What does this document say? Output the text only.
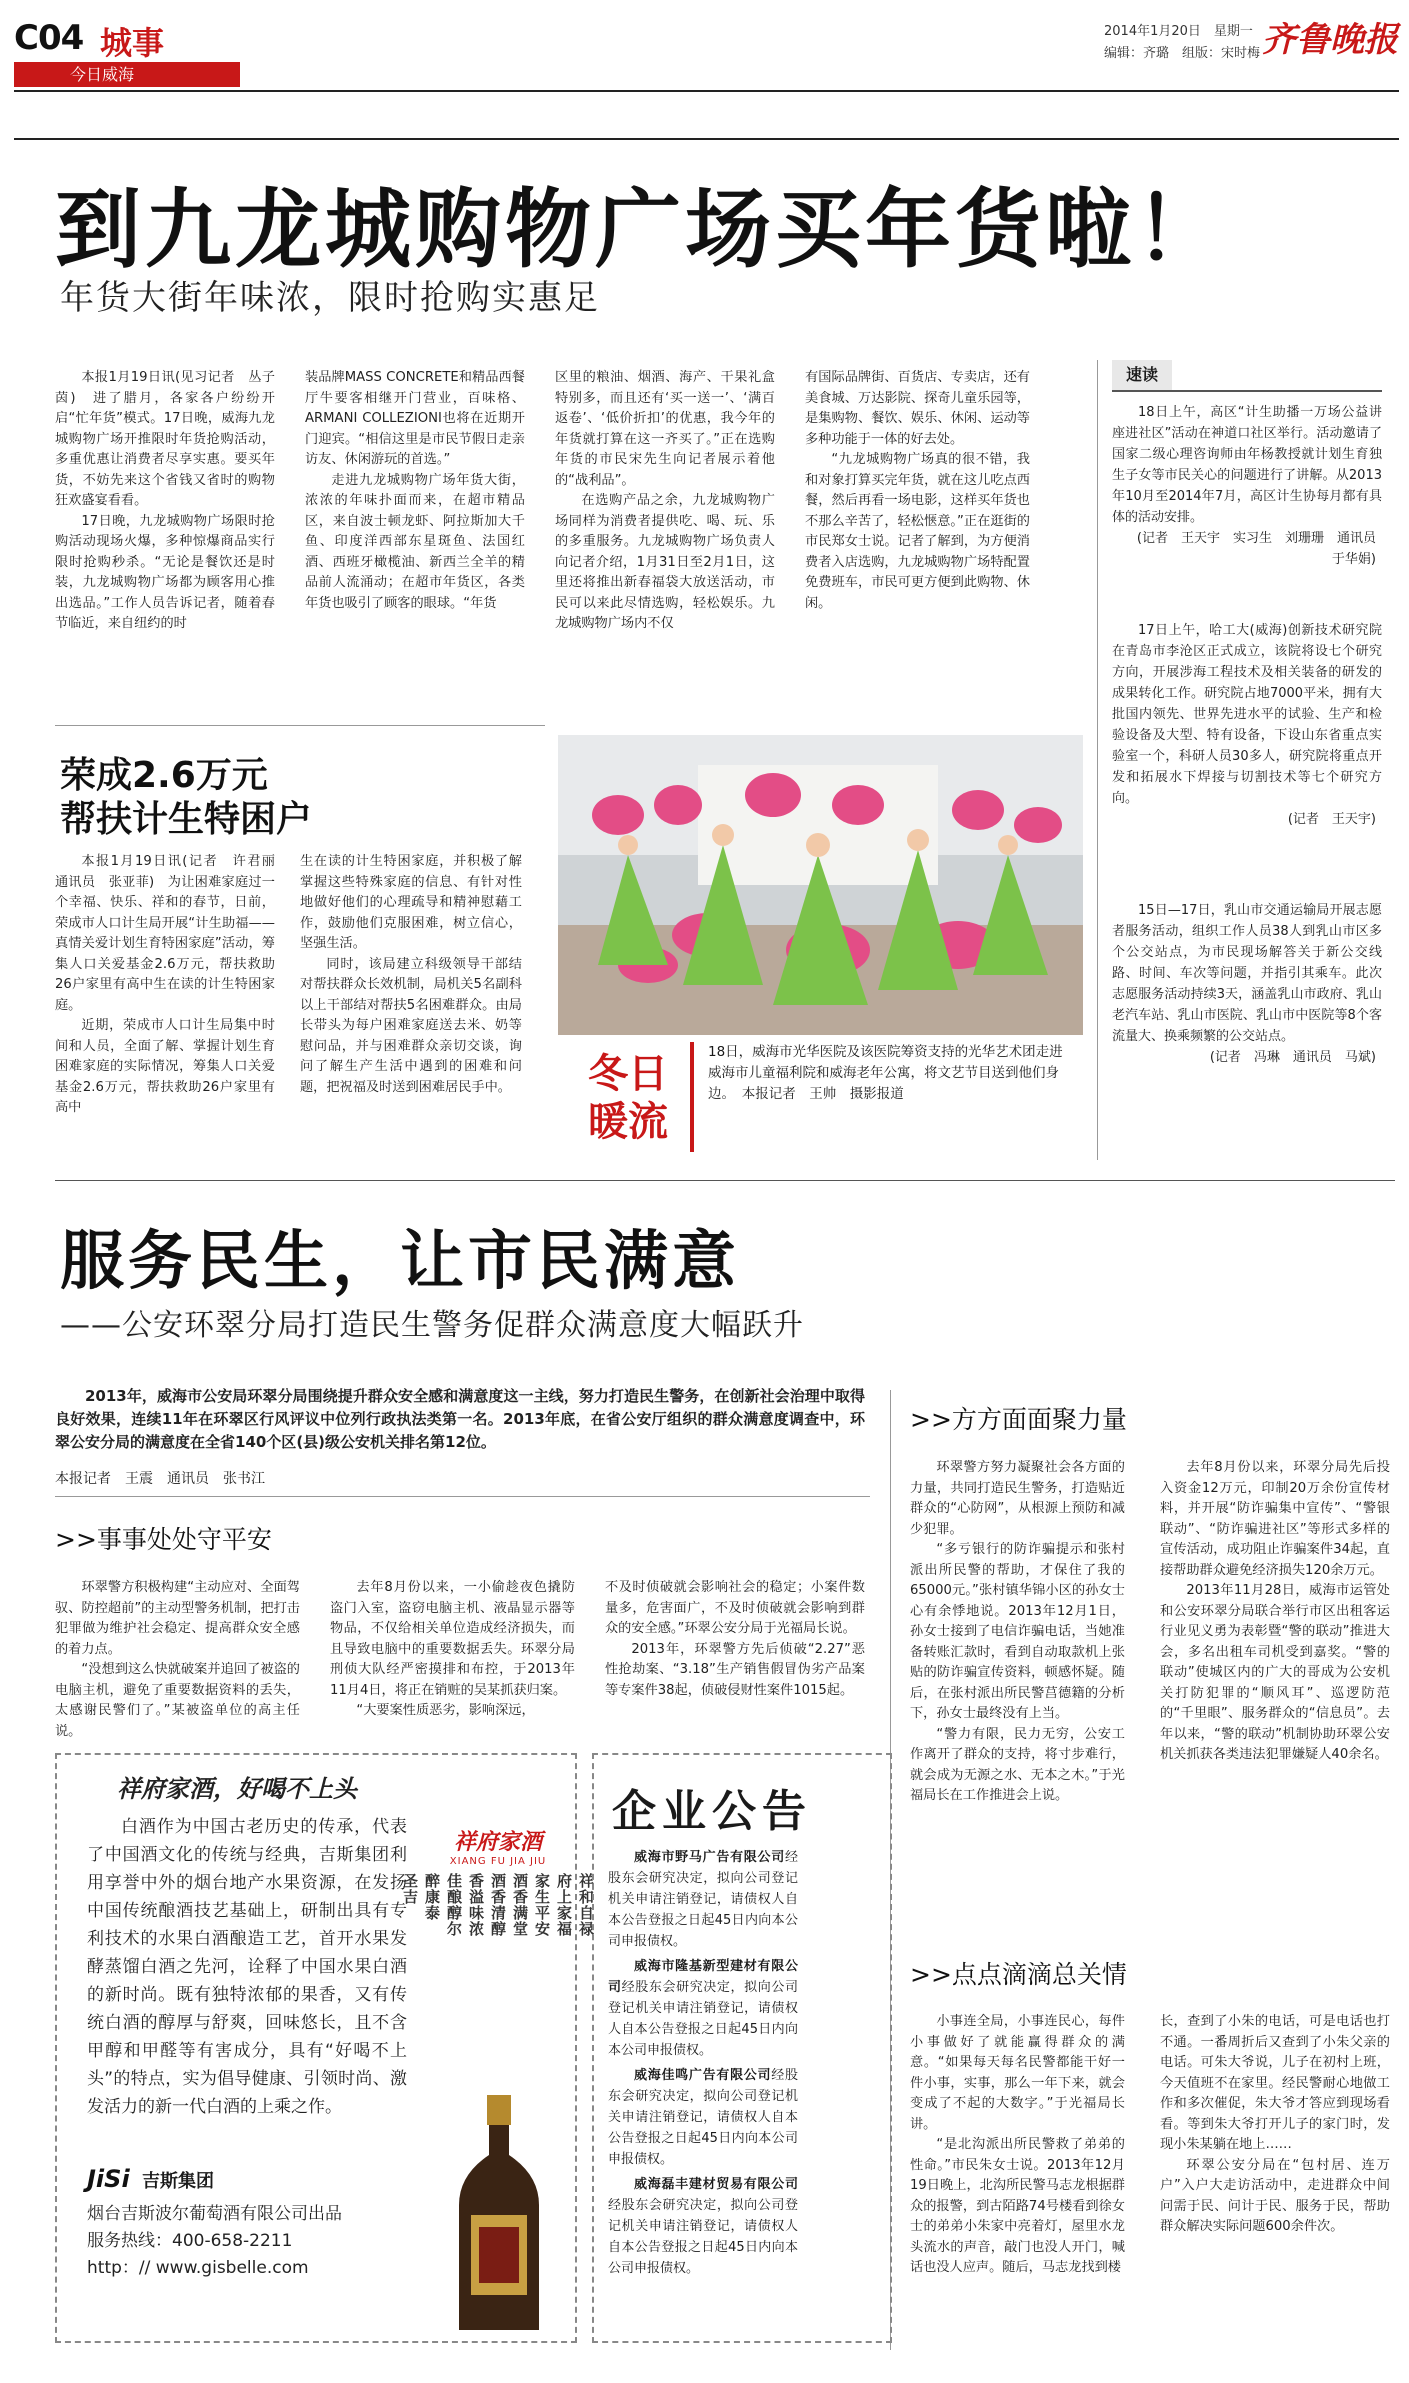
C04 城事
今日威海
2014年1月20日　星期一
编辑：齐璐　组版：宋时梅 齐鲁晚报
到九龙城购物广场买年货啦！
年货大街年味浓，限时抢购实惠足

本报1月19日讯(见习记者　丛子茵)　进了腊月，各家各户纷纷开启“忙年货”模式。17日晚，威海九龙城购物广场开推限时年货抢购活动，多重优惠让消费者尽享实惠。要买年货，不妨先来这个省钱又省时的购物狂欢盛宴看看。

17日晚，九龙城购物广场限时抢购活动现场火爆，多种惊爆商品实行限时抢购秒杀。“无论是餐饮还是时装，九龙城购物广场都为顾客用心推出选品。”工作人员告诉记者，随着春节临近，来自纽约的时

装品牌MASS CONCRETE和精品西餐厅牛要客相继开门营业，百味格、ARMANI COLLEZIONI也将在近期开门迎宾。“相信这里是市民节假日走亲访友、休闲游玩的首选。”

走进九龙城购物广场年货大街，浓浓的年味扑面而来，在超市精品区，来自波士顿龙虾、阿拉斯加大千鱼、印度洋西部东星斑鱼、法国红酒、西班牙橄榄油、新西兰全羊的精品前人流涌动；在超市年货区，各类年货也吸引了顾客的眼球。“年货

区里的粮油、烟酒、海产、干果礼盒特别多，而且还有‘买一送一’、‘满百返卷’、‘低价折扣’的优惠，我今年的年货就打算在这一齐买了。”正在选购年货的市民宋先生向记者展示着他的“战利品”。

在选购产品之余，九龙城购物广场同样为消费者提供吃、喝、玩、乐的多重服务。九龙城购物广场负责人向记者介绍，1月31日至2月1日，这里还将推出新春福袋大放送活动，市民可以来此尽情选购，轻松娱乐。九龙城购物广场内不仅

有国际品牌街、百货店、专卖店，还有美食城、万达影院、探奇儿童乐园等，是集购物、餐饮、娱乐、休闲、运动等多种功能于一体的好去处。

“九龙城购物广场真的很不错，我和对象打算买完年货，就在这儿吃点西餐，然后再看一场电影，这样买年货也不那么辛苦了，轻松惬意。”正在逛街的市民郑女士说。记者了解到，为方便消费者入店选购，九龙城购物广场特配置免费班车，市民可更方便到此购物、休闲。

速读

18日上午，高区“计生助播一万场公益讲座进社区”活动在神道口社区举行。活动邀请了国家二级心理咨询师由年杨教授就计划生育独生子女等市民关心的问题进行了讲解。从2013年10月至2014年7月，高区计生协每月都有具体的活动安排。

(记者　王天宇　实习生　刘珊珊　通讯员　于华娟)

17日上午，哈工大(威海)创新技术研究院在青岛市李沧区正式成立，该院将设七个研究方向，开展涉海工程技术及相关装备的研发的成果转化工作。研究院占地7000平米，拥有大批国内领先、世界先进水平的试验、生产和检验设备及大型、特有设备，下设山东省重点实验室一个，科研人员30多人，研究院将重点开发和拓展水下焊接与切割技术等七个研究方向。

(记者　王天宇)

15日—17日，乳山市交通运输局开展志愿者服务活动，组织工作人员38人到乳山市区多个公交站点，为市民现场解答关于新公交线路、时间、车次等问题，并指引其乘车。此次志愿服务活动持续3天，涵盖乳山市政府、乳山老汽车站、乳山市医院、乳山市中医院等8个客流量大、换乘频繁的公交站点。

(记者　冯琳　通讯员　马斌)
荣成2.6万元
帮扶计生特困户

本报1月19日讯(记者　许君丽　通讯员　张亚菲)　为让困难家庭过一个幸福、快乐、祥和的春节，日前，荣成市人口计生局开展“计生助福——真情关爱计划生育特困家庭”活动，筹集人口关爱基金2.6万元，帮扶救助26户家里有高中生在读的计生特困家庭。

近期，荣成市人口计生局集中时间和人员，全面了解、掌握计划生育困难家庭的实际情况，筹集人口关爱基金2.6万元，帮扶救助26户家里有高中

生在读的计生特困家庭，并积极了解掌握这些特殊家庭的信息、有针对性地做好他们的心理疏导和精神慰藉工作，鼓励他们克服困难，树立信心，坚强生活。

同时，该局建立科级领导干部结对帮扶群众长效机制，局机关5名副科以上干部结对帮扶5名困难群众。由局长带头为每户困难家庭送去米、奶等慰问品，并与困难群众亲切交谈，询问了解生产生活中遇到的困难和问题，把祝福及时送到困难居民手中。	冬日
暖流
18日，威海市光华医院及该医院筹资支持的光华艺术团走进威海市儿童福利院和威海老年公寓，将文艺节目送到他们身边。　本报记者　王帅　摄影报道
服务民生，让市民满意
——公安环翠分局打造民生警务促群众满意度大幅跃升

2013年，威海市公安局环翠分局围绕提升群众安全感和满意度这一主线，努力打造民生警务，在创新社会治理中取得良好效果，连续11年在环翠区行风评议中位列行政执法类第一名。2013年底，在省公安厅组织的群众满意度调查中，环翠公安分局的满意度在全省140个区(县)级公安机关排名第12位。

本报记者　王震　通讯员　张书江
>>事事处处守平安

环翠警方积极构建“主动应对、全面驾驭、防控超前”的主动型警务机制，把打击犯罪做为维护社会稳定、提高群众安全感的着力点。

“没想到这么快就破案并追回了被盗的电脑主机，避免了重要数据资料的丢失，太感谢民警们了。”某被盗单位的高主任说。

去年8月份以来，一小偷趁夜色撬防盗门入室，盗窃电脑主机、液晶显示器等物品，不仅给相关单位造成经济损失，而且导致电脑中的重要数据丢失。环翠分局刑侦大队经严密摸排和布控，于2013年11月4日，将正在销赃的吴某抓获归案。

“大要案性质恶劣，影响深远，

不及时侦破就会影响社会的稳定；小案件数量多，危害面广，不及时侦破就会影响到群众的安全感。”环翠公安分局于光福局长说。

2013年，环翠警方先后侦破“2.27”恶性抢劫案、“3.18”生产销售假冒伪劣产品案等专案件38起，侦破侵财性案件1015起。

>>方方面面聚力量

环翠警方努力凝聚社会各方面的力量，共同打造民生警务，打造贴近群众的“心防网”，从根源上预防和减少犯罪。

“多亏银行的防诈骗提示和张村派出所民警的帮助，才保住了我的65000元。”张村镇华锦小区的孙女士心有余悸地说。2013年12月1日，孙女士接到了电信诈骗电话，当她准备转账汇款时，看到自动取款机上张贴的防诈骗宣传资料，顿感怀疑。随后，在张村派出所民警莒德籍的分析下，孙女士最终没有上当。

“警力有限，民力无穷，公安工作离开了群众的支持，将寸步难行，就会成为无源之水、无本之木。”于光福局长在工作推进会上说。

去年8月份以来，环翠分局先后投入资金12万元，印制20万余份宣传材料，并开展“防诈骗集中宣传”、“警银联动”、“防诈骗进社区”等形式多样的宣传活动，成功阻止诈骗案件34起，直接帮助群众避免经济损失120余万元。

2013年11月28日，威海市运管处和公安环翠分局联合举行市区出租客运行业见义勇为表彰暨“警的联动”推进大会，多名出租车司机受到嘉奖。“警的联动”使城区内的广大的哥成为公安机关打防犯罪的“顺风耳”、巡逻防范的“千里眼”、服务群众的“信息员”。去年以来，“警的联动”机制协助环翠公安机关抓获各类违法犯罪嫌疑人40余名。

>>点点滴滴总关情

小事连全局，小事连民心，每件小事做好了就能赢得群众的满意。“如果每天每名民警都能干好一件小事，实事，那么一年下来，就会变成了不起的大数字。”于光福局长讲。

“是北沟派出所民警救了弟弟的性命。”市民朱女士说。2013年12月19日晚上，北沟所民警马志龙根据群众的报警，到古陌路74号楼看到徐女士的弟弟小朱家中亮着灯，屋里水龙头流水的声音，敲门也没人开门，喊话也没人应声。随后，马志龙找到楼

长，查到了小朱的电话，可是电话也打不通。一番周折后又查到了小朱父亲的电话。可朱大爷说，儿子在初村上班，今天值班不在家里。经民警耐心地做工作和多次催促，朱大爷才答应到现场看看。等到朱大爷打开儿子的家门时，发现小朱某躺在地上……

环翠公安分局在“包村居、连万户”入户大走访活动中，走进群众中间问需于民、问计于民、服务于民，帮助群众解决实际问题600余件次。

祥府家酒，好喝不上头

白酒作为中国古老历史的传承，代表了中国酒文化的传统与经典，吉斯集团利用享誉中外的烟台地产水果资源，在发扬中国传统酿酒技艺基础上，研制出具有专利技术的水果白酒酿造工艺，首开水果发酵蒸馏白酒之先河，诠释了中国水果白酒的新时尚。既有独特浓郁的果香，又有传统白酒的醇厚与舒爽，回味悠长，且不含甲醇和甲醛等有害成分，具有“好喝不上头”的特点，实为倡导健康、引领时尚、激发活力的新一代白酒的上乘之作。

祥府家酒
XIANG FU JIA JIU
祥和自禄
府上家福
家生平安
酒香满堂
酒香清醇
香溢味浓
佳酿醇尔
醉康泰
圣吉
JiSi 吉斯集团
烟台吉斯波尔葡萄酒有限公司出品
服务热线：400-658-2211
http：// www.gisbelle.com
企业公告

威海市野马广告有限公司经股东会研究决定，拟向公司登记机关申请注销登记，请债权人自本公告登报之日起45日内向本公司申报债权。

威海市隆基新型建材有限公司经股东会研究决定，拟向公司登记机关申请注销登记，请债权人自本公告登报之日起45日内向本公司申报债权。

威海佳鸣广告有限公司经股东会研究决定，拟向公司登记机关申请注销登记，请债权人自本公告登报之日起45日内向本公司申报债权。

威海磊丰建材贸易有限公司经股东会研究决定，拟向公司登记机关申请注销登记，请债权人自本公告登报之日起45日内向本公司申报债权。
